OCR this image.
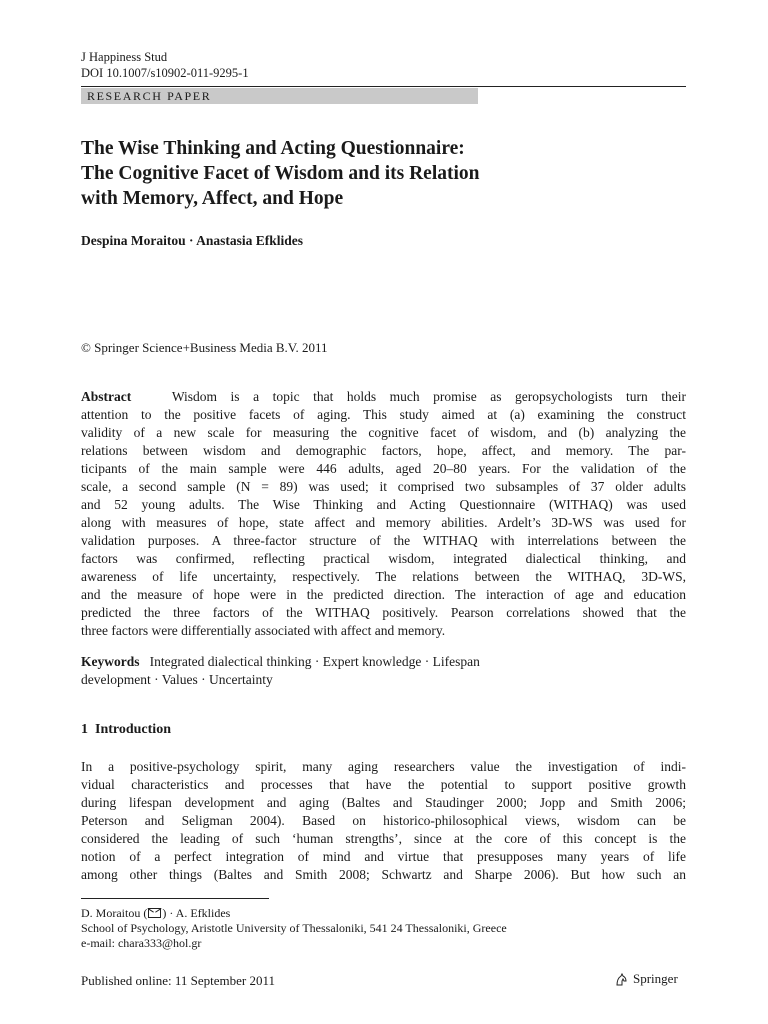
J Happiness Stud
DOI 10.1007/s10902-011-9295-1
RESEARCH PAPER
The Wise Thinking and Acting Questionnaire:
The Cognitive Facet of Wisdom and its Relation
with Memory, Affect, and Hope
Despina Moraitou · Anastasia Efklides
© Springer Science+Business Media B.V. 2011
Abstract	Wisdom is a topic that holds much promise as geropsychologists turn their
attention to the positive facets of aging. This study aimed at (a) examining the construct
validity of a new scale for measuring the cognitive facet of wisdom, and (b) analyzing the
relations between wisdom and demographic factors, hope, affect, and memory. The par-
ticipants of the main sample were 446 adults, aged 20–80 years. For the validation of the
scale, a second sample (N = 89) was used; it comprised two subsamples of 37 older adults
and 52 young adults. The Wise Thinking and Acting Questionnaire (WITHAQ) was used
along with measures of hope, state affect and memory abilities. Ardelt’s 3D-WS was used for
validation purposes. A three-factor structure of the WITHAQ with interrelations between the
factors was confirmed, reflecting practical wisdom, integrated dialectical thinking, and
awareness of life uncertainty, respectively. The relations between the WITHAQ, 3D-WS,
and the measure of hope were in the predicted direction. The interaction of age and education
predicted the three factors of the WITHAQ positively. Pearson correlations showed that the
three factors were differentially associated with affect and memory.
Keywords Integrated dialectical thinking · Expert knowledge · Lifespan
development · Values · Uncertainty
1 Introduction
In a positive-psychology spirit, many aging researchers value the investigation of indi-
vidual characteristics and processes that have the potential to support positive growth
during lifespan development and aging (Baltes and Staudinger 2000; Jopp and Smith 2006;
Peterson and Seligman 2004). Based on historico-philosophical views, wisdom can be
considered the leading of such ‘human strengths’, since at the core of this concept is the
notion of a perfect integration of mind and virtue that presupposes many years of life
among other things (Baltes and Smith 2008; Schwartz and Sharpe 2006). But how such an
D. Moraitou ( ) · A. Efklides
School of Psychology, Aristotle University of Thessaloniki, 541 24 Thessaloniki, Greece
e-mail: chara333@hol.gr
Published online: 11 September 2011	Springer
